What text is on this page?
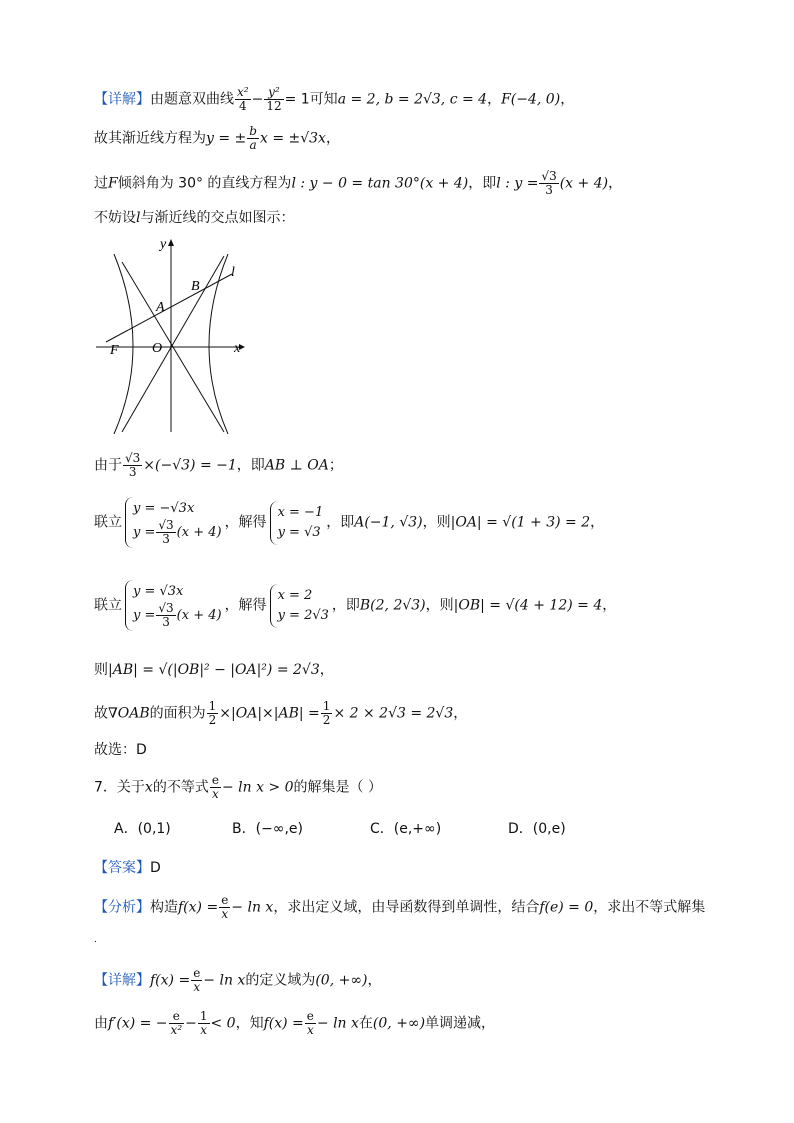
【详解】由题意双曲线 $\frac{\text{x²}}{4} - \frac{\text{y²}}{12} = 1$可知a = 2, b = 2√3, c = 4，F(−4, 0)，
故其渐近线方程为y = ± $\frac{b}{a}$ x = ±√3x，
过F倾斜角为 30° 的直线方程为l : y − 0 = tan 30°(x + 4)，即l : $y = \frac{√3}{3} (x + 4)$，
不妨设l与渐近线的交点如图示：
y
l
B
A
F O	x
由于 $\frac{√3}{3} \times(-√3) = -1$，即AB ⊥ OA；
联立
y = −√3x
$y = \frac{√3}{3} (x + 4)$
，解得
x = −1
y = √3
，即A(−1, √3)，则|OA| = √(1 + 3) = 2，
联立
y = √3x
$y = \frac{√3}{3} (x + 4)$
，解得
x = 2
y = 2√3
，即B(2, 2√3)，则|OB| = √(4 + 12) = 4，
则|AB| = √(|OB|² − |OA|²) = 2√3，
故∇OAB的面积为 $\frac{1}{2} \times|OA|\times|AB| = \frac{1}{2} \times 2 \times 2√3 = 2√3$，
故选：D
7．关于x的不等式 $\frac{e}{x} - \ln x > 0$的解集是（ ）
A．(0,1)	B．(−∞,e)	C．(e,+∞)	D．(0,e)
【答案】D
【分析】构造$f(x) = \frac{e}{x} - \ln x$，求出定义域，由导函数得到单调性，结合f(e) = 0，求出不等式解集
.
【详解】$f(x) = \frac{e}{x} - \ln x$的定义域为(0, +∞)，
由f′(x) = − $\frac{e}{\text{x²}} - \frac{1}{x} < 0$，知$f(x) = \frac{e}{x} - \ln x$在(0, +∞)单调递减，
